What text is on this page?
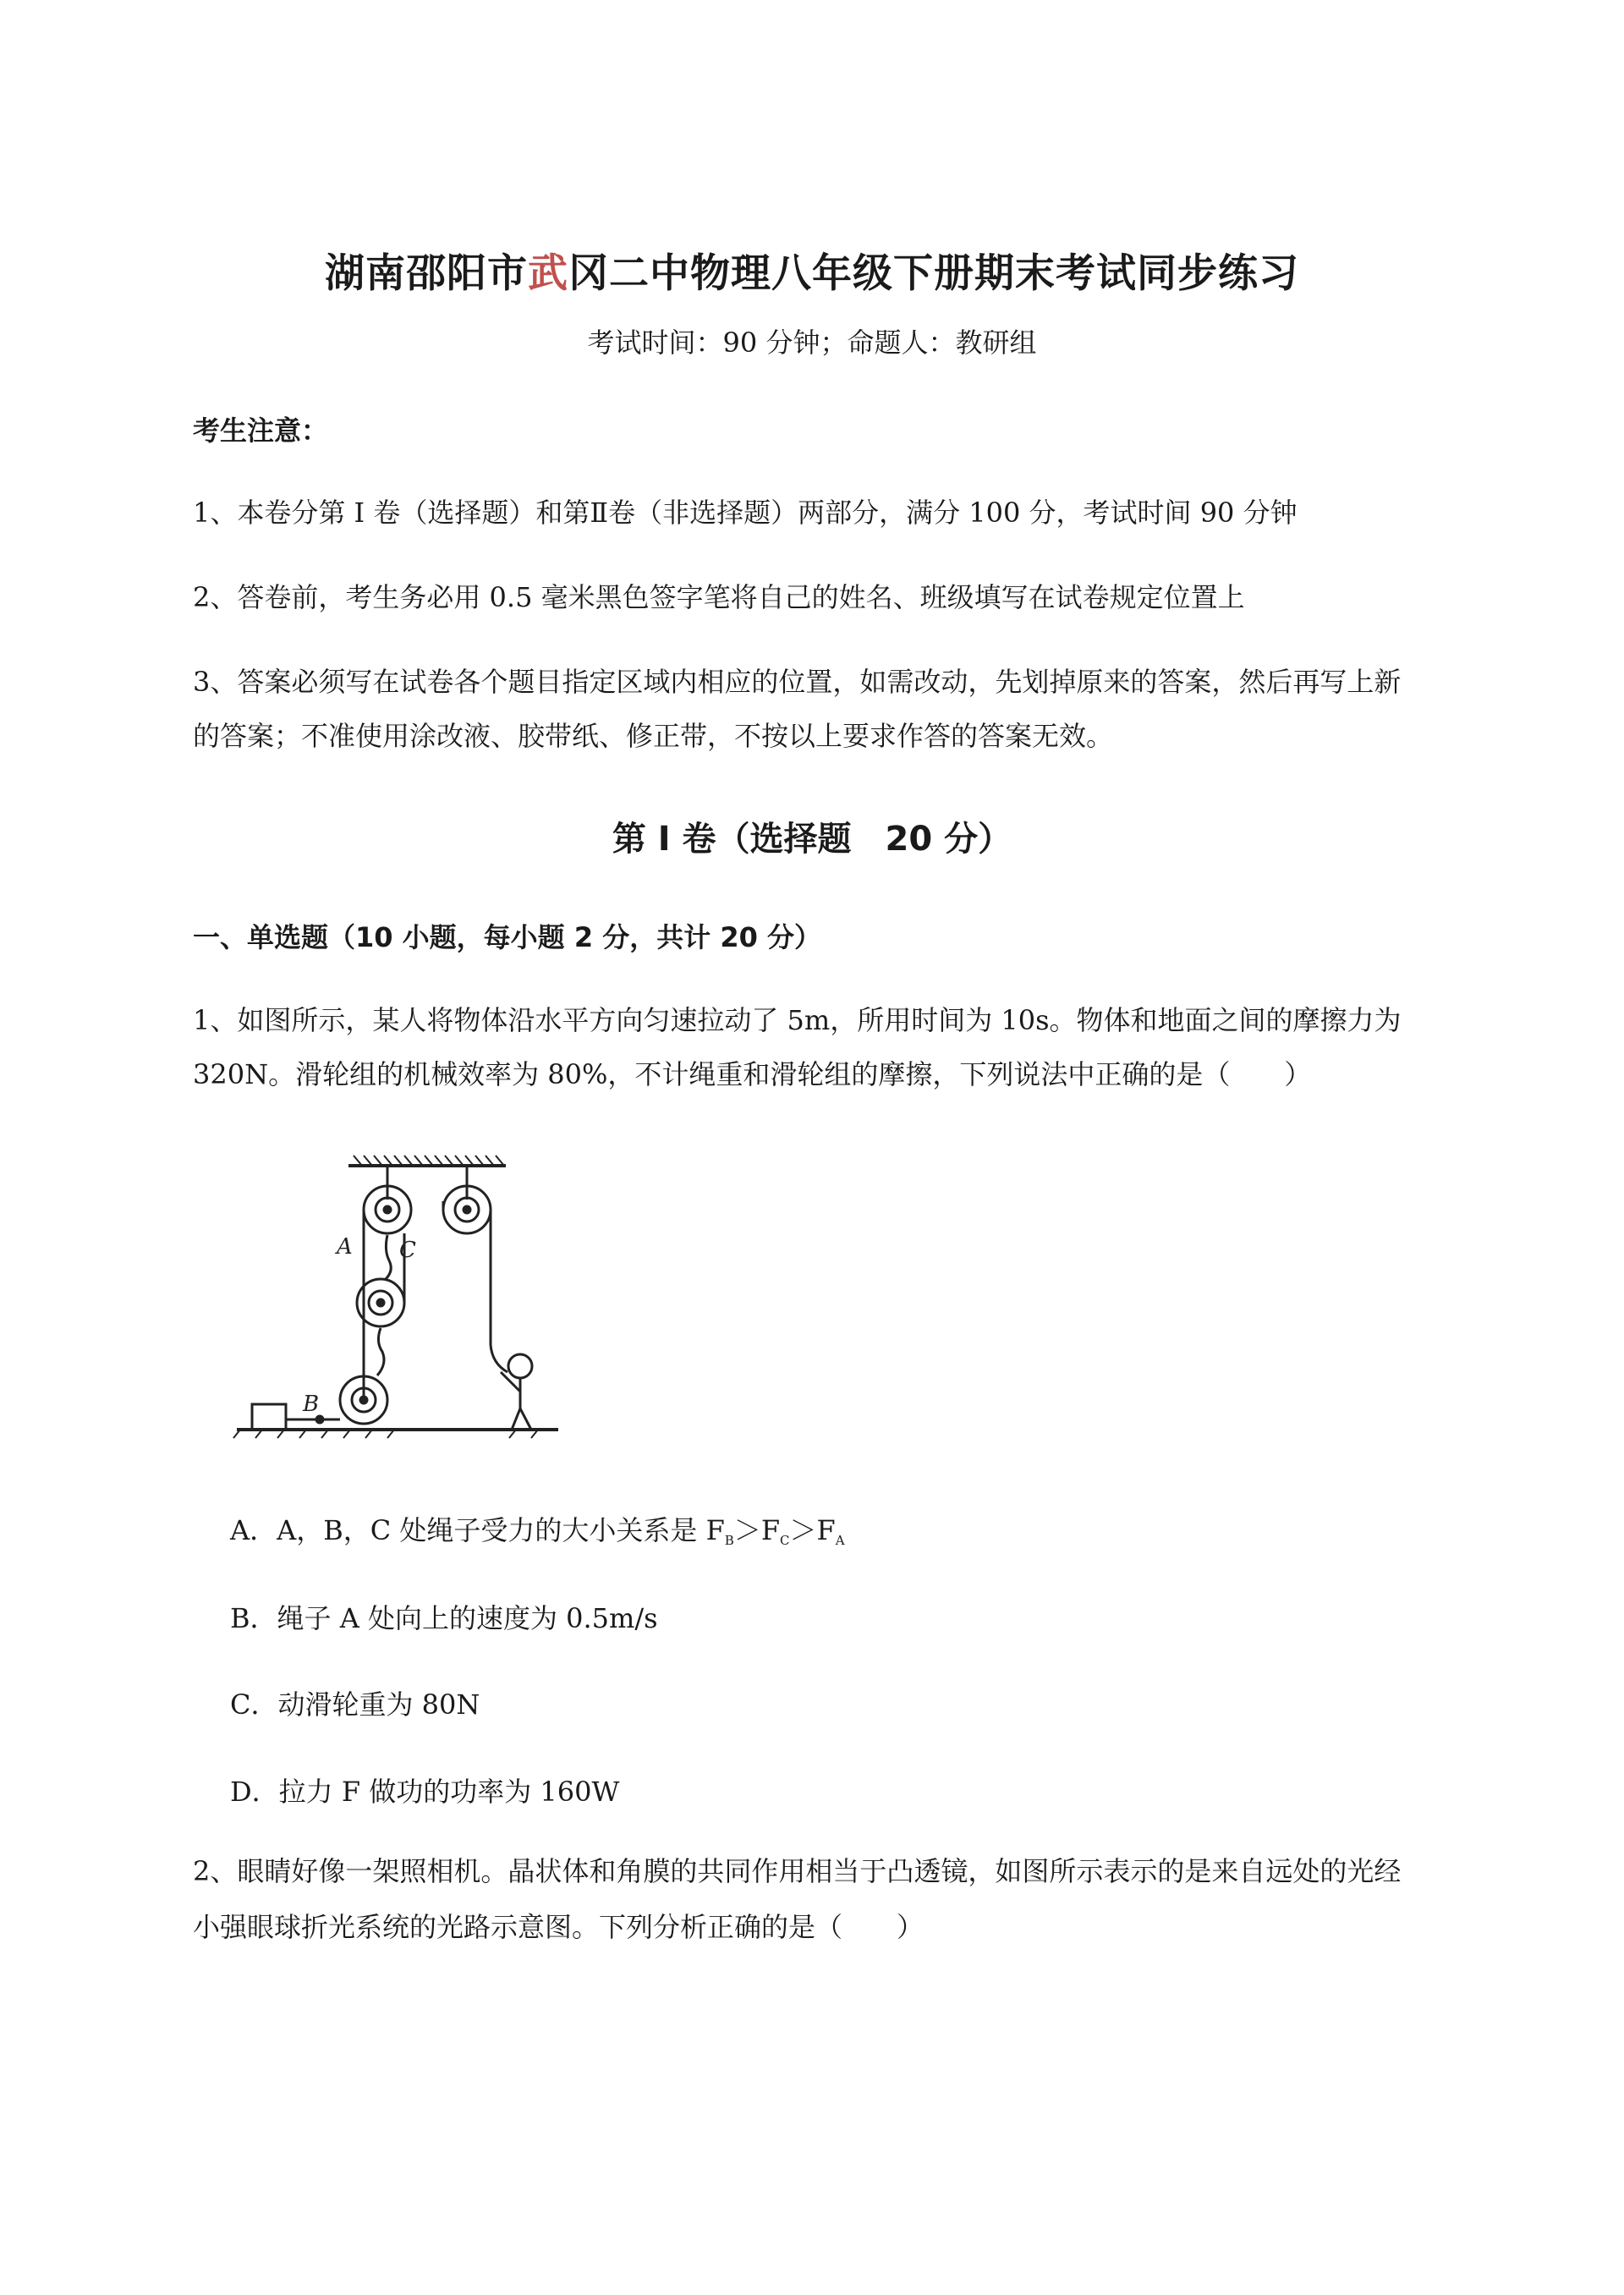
湖南邵阳市武冈二中物理八年级下册期末考试同步练习
考试时间：90 分钟；命题人：教研组
考生注意：
1、本卷分第 I 卷（选择题）和第Ⅱ卷（非选择题）两部分，满分 100 分，考试时间 90 分钟
2、答卷前，考生务必用 0.5 毫米黑色签字笔将自己的姓名、班级填写在试卷规定位置上
3、答案必须写在试卷各个题目指定区域内相应的位置，如需改动，先划掉原来的答案，然后再写上新
的答案；不准使用涂改液、胶带纸、修正带，不按以上要求作答的答案无效。
第 I 卷（选择题　20 分）
一、单选题（10 小题，每小题 2 分，共计 20 分）
1、如图所示，某人将物体沿水平方向匀速拉动了 5m，所用时间为 10s。物体和地面之间的摩擦力为
320N。滑轮组的机械效率为 80%，不计绳重和滑轮组的摩擦，下列说法中正确的是（　　）
A C
B
A．A，B，C 处绳子受力的大小关系是 $F_B>F_C>F_A$
B．绳子 A 处向上的速度为 0.5m/s
C．动滑轮重为 80N
D．拉力 F 做功的功率为 160W
2、眼睛好像一架照相机。晶状体和角膜的共同作用相当于凸透镜，如图所示表示的是来自远处的光经
小强眼球折光系统的光路示意图。下列分析正确的是（　　）
